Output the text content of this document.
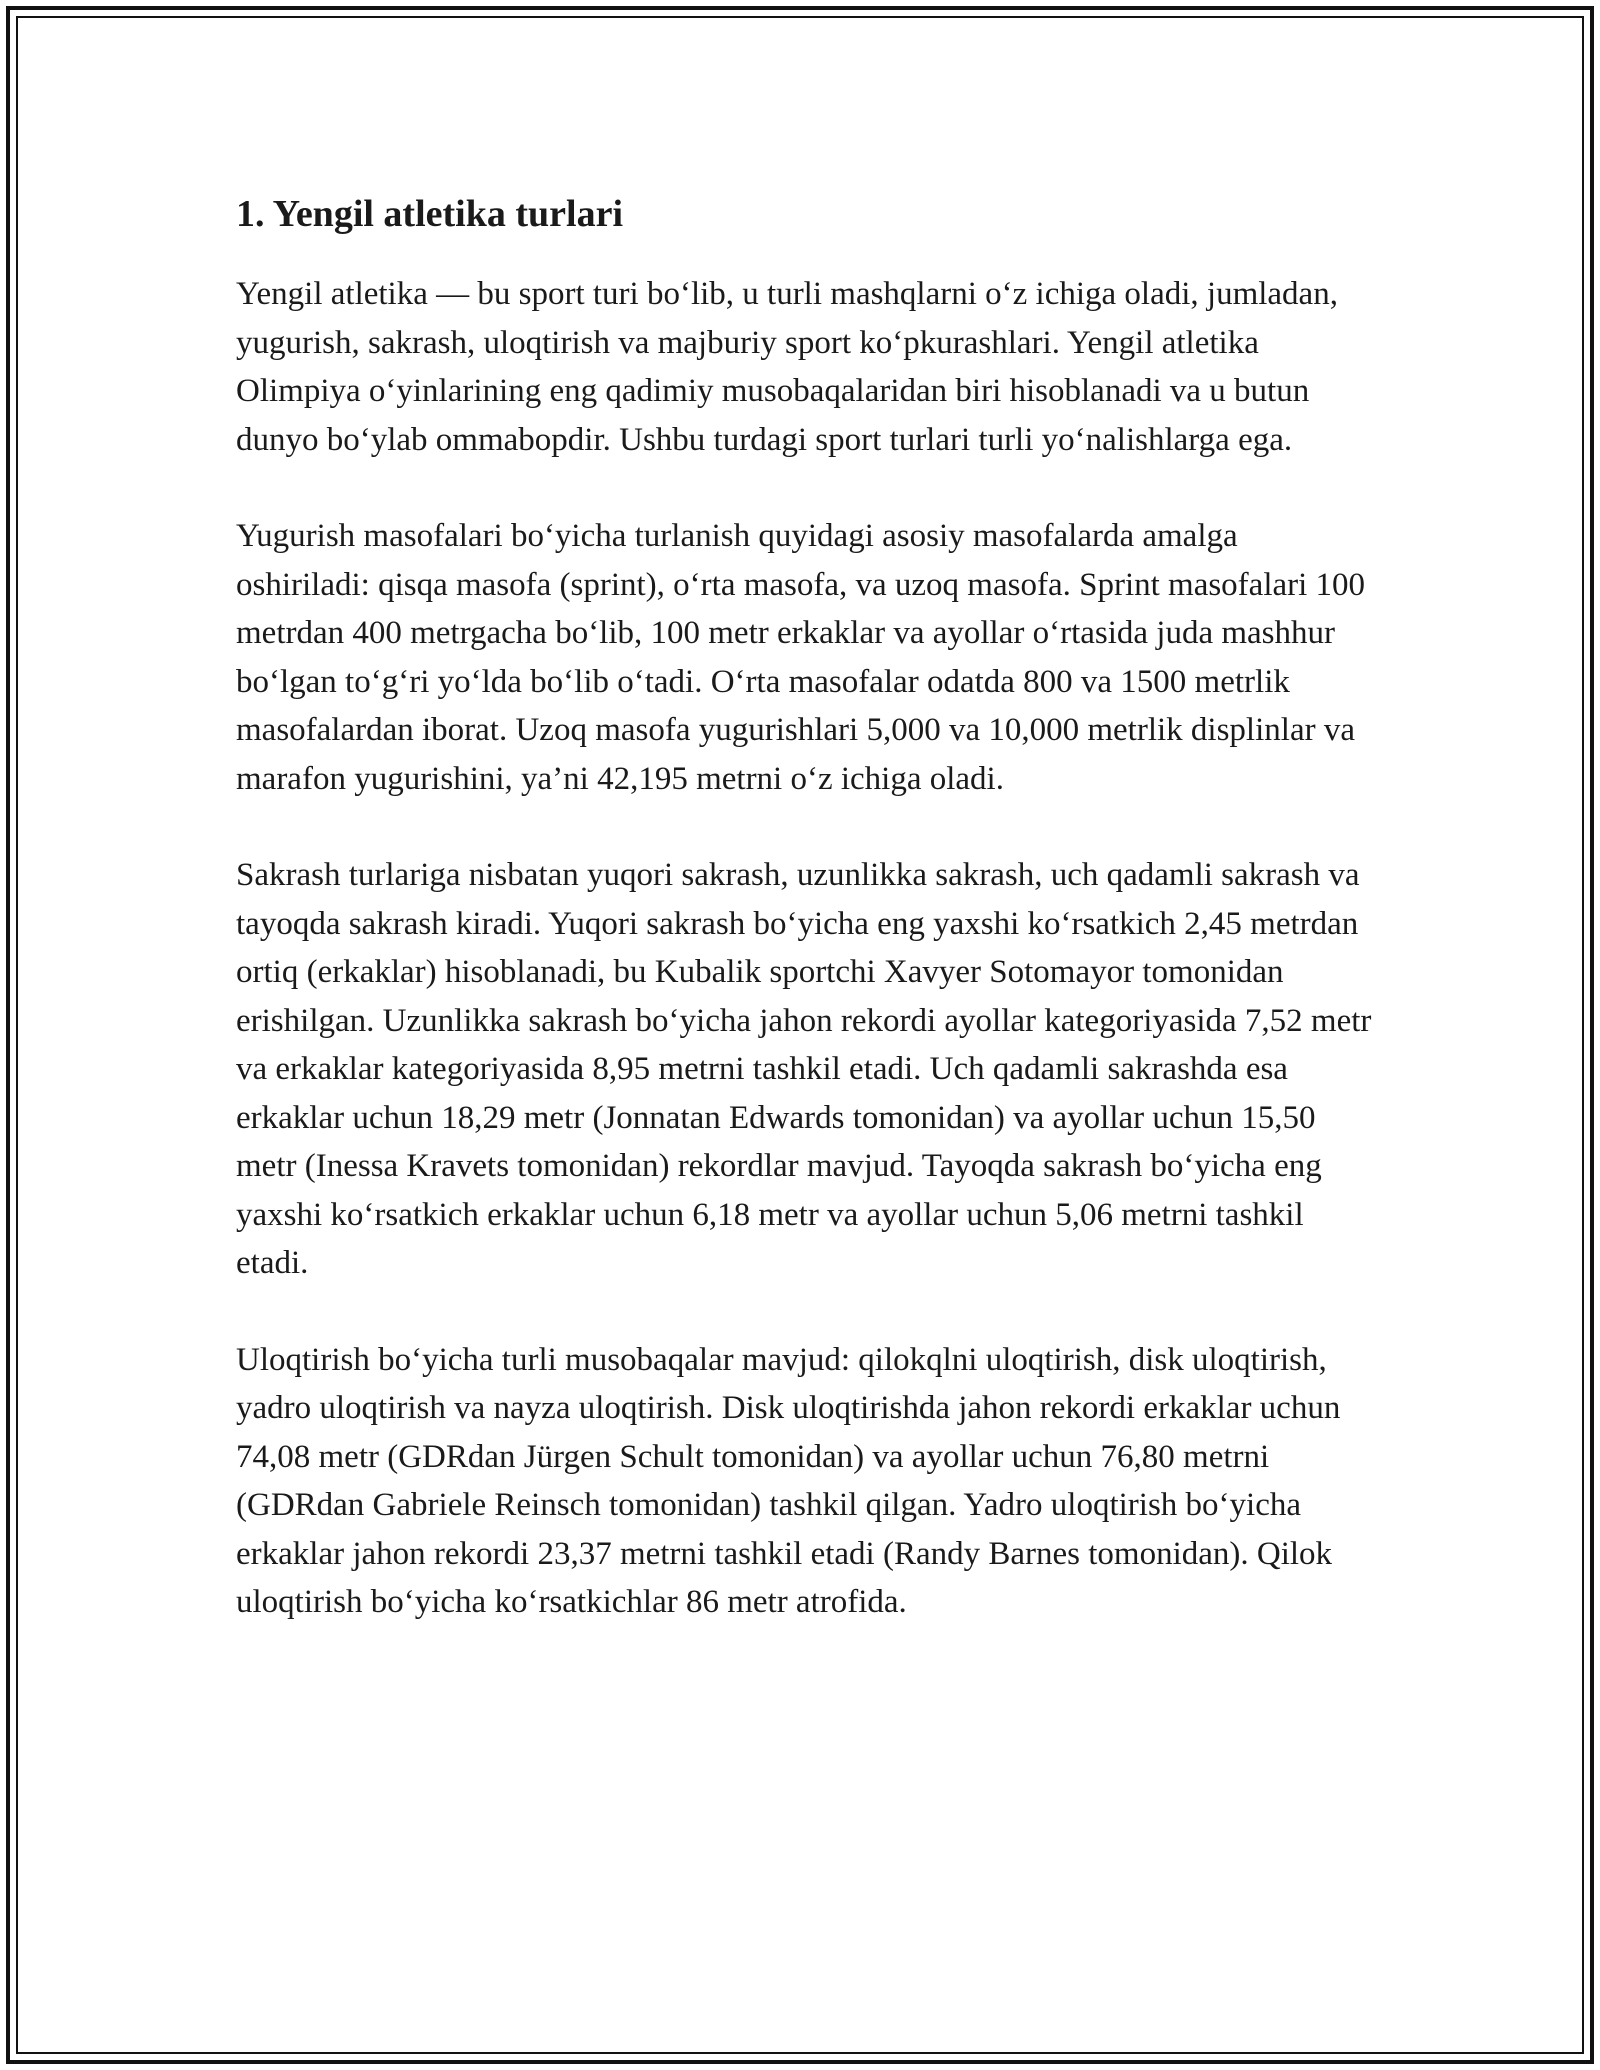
1. Yengil atletika turlari

Yengil atletika — bu sport turi bo‘lib, u turli mashqlarni o‘z ichiga oladi, jumladan, yugurish, sakrash, uloqtirish va majburiy sport ko‘pkurashlari. Yengil atletika Olimpiya o‘yinlarining eng qadimiy musobaqalaridan biri hisoblanadi va u butun dunyo bo‘ylab ommabopdir. Ushbu turdagi sport turlari turli yo‘nalishlarga ega.

Yugurish masofalari bo‘yicha turlanish quyidagi asosiy masofalarda amalga oshiriladi: qisqa masofa (sprint), o‘rta masofa, va uzoq masofa. Sprint masofalari 100 metrdan 400 metrgacha bo‘lib, 100 metr erkaklar va ayollar o‘rtasida juda mashhur bo‘lgan to‘g‘ri yo‘lda bo‘lib o‘tadi. O‘rta masofalar odatda 800 va 1500 metrlik masofalardan iborat. Uzoq masofa yugurishlari 5,000 va 10,000 metrlik displinlar va marafon yugurishini, ya’ni 42,195 metrni o‘z ichiga oladi.

Sakrash turlariga nisbatan yuqori sakrash, uzunlikka sakrash, uch qadamli sakrash va tayoqda sakrash kiradi. Yuqori sakrash bo‘yicha eng yaxshi ko‘rsatkich 2,45 metrdan ortiq (erkaklar) hisoblanadi, bu Kubalik sportchi Xavyer Sotomayor tomonidan erishilgan. Uzunlikka sakrash bo‘yicha jahon rekordi ayollar kategoriyasida 7,52 metr va erkaklar kategoriyasida 8,95 metrni tashkil etadi. Uch qadamli sakrashda esa erkaklar uchun 18,29 metr (Jonnatan Edwards tomonidan) va ayollar uchun 15,50 metr (Inessa Kravets tomonidan) rekordlar mavjud. Tayoqda sakrash bo‘yicha eng yaxshi ko‘rsatkich erkaklar uchun 6,18 metr va ayollar uchun 5,06 metrni tashkil etadi.

Uloqtirish bo‘yicha turli musobaqalar mavjud: qilokqlni uloqtirish, disk uloqtirish, yadro uloqtirish va nayza uloqtirish. Disk uloqtirishda jahon rekordi erkaklar uchun 74,08 metr (GDRdan Jürgen Schult tomonidan) va ayollar uchun 76,80 metrni (GDRdan Gabriele Reinsch tomonidan) tashkil qilgan. Yadro uloqtirish bo‘yicha erkaklar jahon rekordi 23,37 metrni tashkil etadi (Randy Barnes tomonidan). Qilok uloqtirish bo‘yicha ko‘rsatkichlar 86 metr atrofida.
